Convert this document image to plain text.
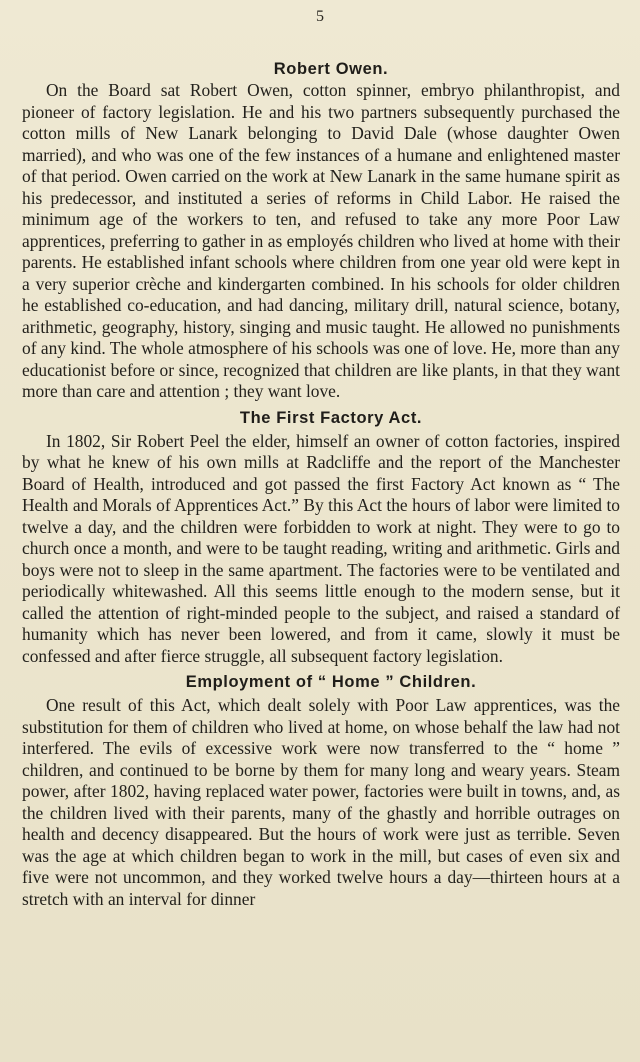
5
Robert Owen.

On the Board sat Robert Owen, cotton spinner, embryo philanthropist, and pioneer of factory legislation. He and his two partners subsequently purchased the cotton mills of New Lanark belonging to David Dale (whose daughter Owen married), and who was one of the few instances of a humane and enlightened master of that period. Owen carried on the work at New Lanark in the same humane spirit as his predecessor, and instituted a series of reforms in Child Labor. He raised the minimum age of the workers to ten, and refused to take any more Poor Law apprentices, preferring to gather in as employés children who lived at home with their parents. He established infant schools where children from one year old were kept in a very superior crèche and kindergarten combined. In his schools for older children he established co-education, and had dancing, military drill, natural science, botany, arithmetic, geography, history, singing and music taught. He allowed no punishments of any kind. The whole atmosphere of his schools was one of love. He, more than any educationist before or since, recognized that children are like plants, in that they want more than care and attention ; they want love.

The First Factory Act.

In 1802, Sir Robert Peel the elder, himself an owner of cotton factories, inspired by what he knew of his own mills at Radcliffe and the report of the Manchester Board of Health, introduced and got passed the first Factory Act known as “ The Health and Morals of Apprentices Act.” By this Act the hours of labor were limited to twelve a day, and the children were forbidden to work at night. They were to go to church once a month, and were to be taught reading, writing and arithmetic. Girls and boys were not to sleep in the same apartment. The factories were to be ventilated and periodically whitewashed. All this seems little enough to the modern sense, but it called the attention of right-minded people to the subject, and raised a standard of humanity which has never been lowered, and from it came, slowly it must be confessed and after fierce struggle, all subsequent factory legislation.

Employment of “ Home ” Children.

One result of this Act, which dealt solely with Poor Law apprentices, was the substitution for them of children who lived at home, on whose behalf the law had not interfered. The evils of excessive work were now transferred to the “ home ” children, and continued to be borne by them for many long and weary years. Steam power, after 1802, having replaced water power, factories were built in towns, and, as the children lived with their parents, many of the ghastly and horrible outrages on health and decency disappeared. But the hours of work were just as terrible. Seven was the age at which children began to work in the mill, but cases of even six and five were not uncommon, and they worked twelve hours a day—thirteen hours at a stretch with an interval for dinner
